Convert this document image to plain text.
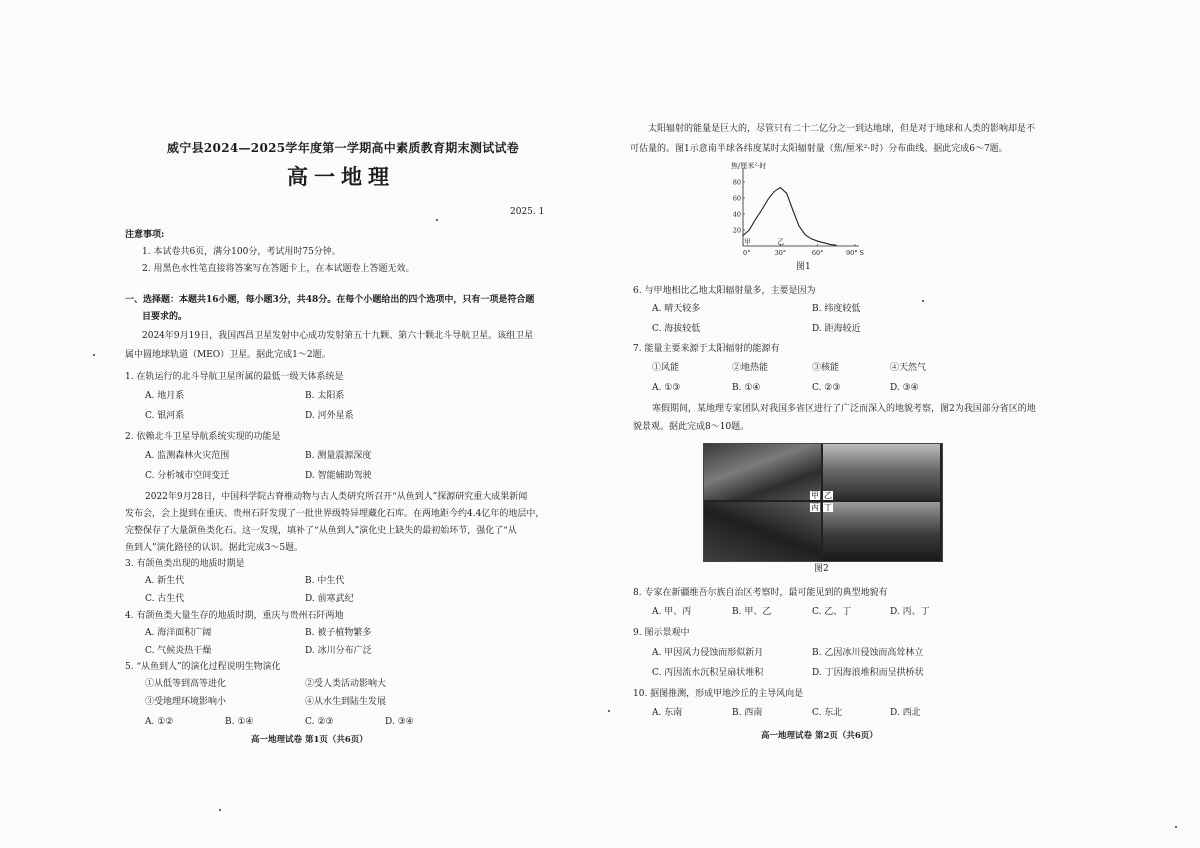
威宁县2024—2025学年度第一学期高中素质教育期末测试试卷
高一地理
2025. 1
注意事项:
1. 本试卷共6页，满分100分，考试用时75分钟。
2. 用黑色水性笔直接将答案写在答题卡上，在本试题卷上答题无效。
一、选择题：本题共16小题，每小题3分，共48分。在每个小题给出的四个选项中，只有一项是符合题
目要求的。
2024年9月19日，我国西昌卫星发射中心成功发射第五十九颗、第六十颗北斗导航卫星。该组卫星
属中圆地球轨道（MEO）卫星。据此完成1～2题。
1. 在轨运行的北斗导航卫星所属的最低一级天体系统是
A. 地月系	B. 太阳系
C. 银河系	D. 河外星系
2. 依赖北斗卫星导航系统实现的功能是
A. 监测森林火灾范围	B. 测量震源深度
C. 分析城市空间变迁	D. 智能辅助驾驶
2022年9月28日，中国科学院古脊椎动物与古人类研究所召开“从鱼到人”探源研究重大成果新闻
发布会，会上提到在重庆、贵州石阡发现了一批世界级特异埋藏化石库。在两地距今约4.4亿年的地层中，
完整保存了大量颌鱼类化石。这一发现，填补了“从鱼到人”演化史上缺失的最初始环节，强化了“从
鱼到人”演化路径的认识。据此完成3～5题。
3. 有颌鱼类出现的地质时期是
A. 新生代	B. 中生代
C. 古生代	D. 前寒武纪
4. 有颌鱼类大量生存的地质时期，重庆与贵州石阡两地
A. 海洋面积广阔	B. 被子植物繁多
C. 气候炎热干燥	D. 冰川分布广泛
5. “从鱼到人”的演化过程说明生物演化
①从低等到高等进化	②受人类活动影响大
③受地理环境影响小	④从水生到陆生发展
A. ①②	B. ①④	C. ②③	D. ③④
高一地理试卷 第1页（共6页）
太阳辐射的能量是巨大的，尽管只有二十二亿分之一到达地球，但是对于地球和人类的影响却是不
可估量的。图1示意南半球各纬度某时太阳辐射量（焦/厘米²·时）分布曲线。据此完成6～7题。
焦/厘米²·时
20
40
60
80
0°	30°	60°	90° S
甲	乙
图1
6. 与甲地相比乙地太阳辐射量多，主要是因为
A. 晴天较多	B. 纬度较低
C. 海拔较低	D. 距海较近
7. 能量主要来源于太阳辐射的能源有
①风能	②地热能	③核能	④天然气
A. ①③	B. ①④	C. ②③	D. ③④
寒假期间，某地理专家团队对我国多省区进行了广泛而深入的地貌考察，图2为我国部分省区的地
貌景观。据此完成8～10题。
甲 乙
丙 丁
图2
8. 专家在新疆维吾尔族自治区考察时，最可能见到的典型地貌有
A. 甲、丙	B. 甲、乙	C. 乙、丁	D. 丙、丁
9. 图示景观中
A. 甲因风力侵蚀而形似新月	B. 乙因冰川侵蚀而高耸林立
C. 丙因流水沉积呈扇状堆积	D. 丁因海浪堆积而呈拱桥状
10. 据图推测，形成甲地沙丘的主导风向是
A. 东南	B. 西南	C. 东北	D. 西北
高一地理试卷 第2页（共6页）
